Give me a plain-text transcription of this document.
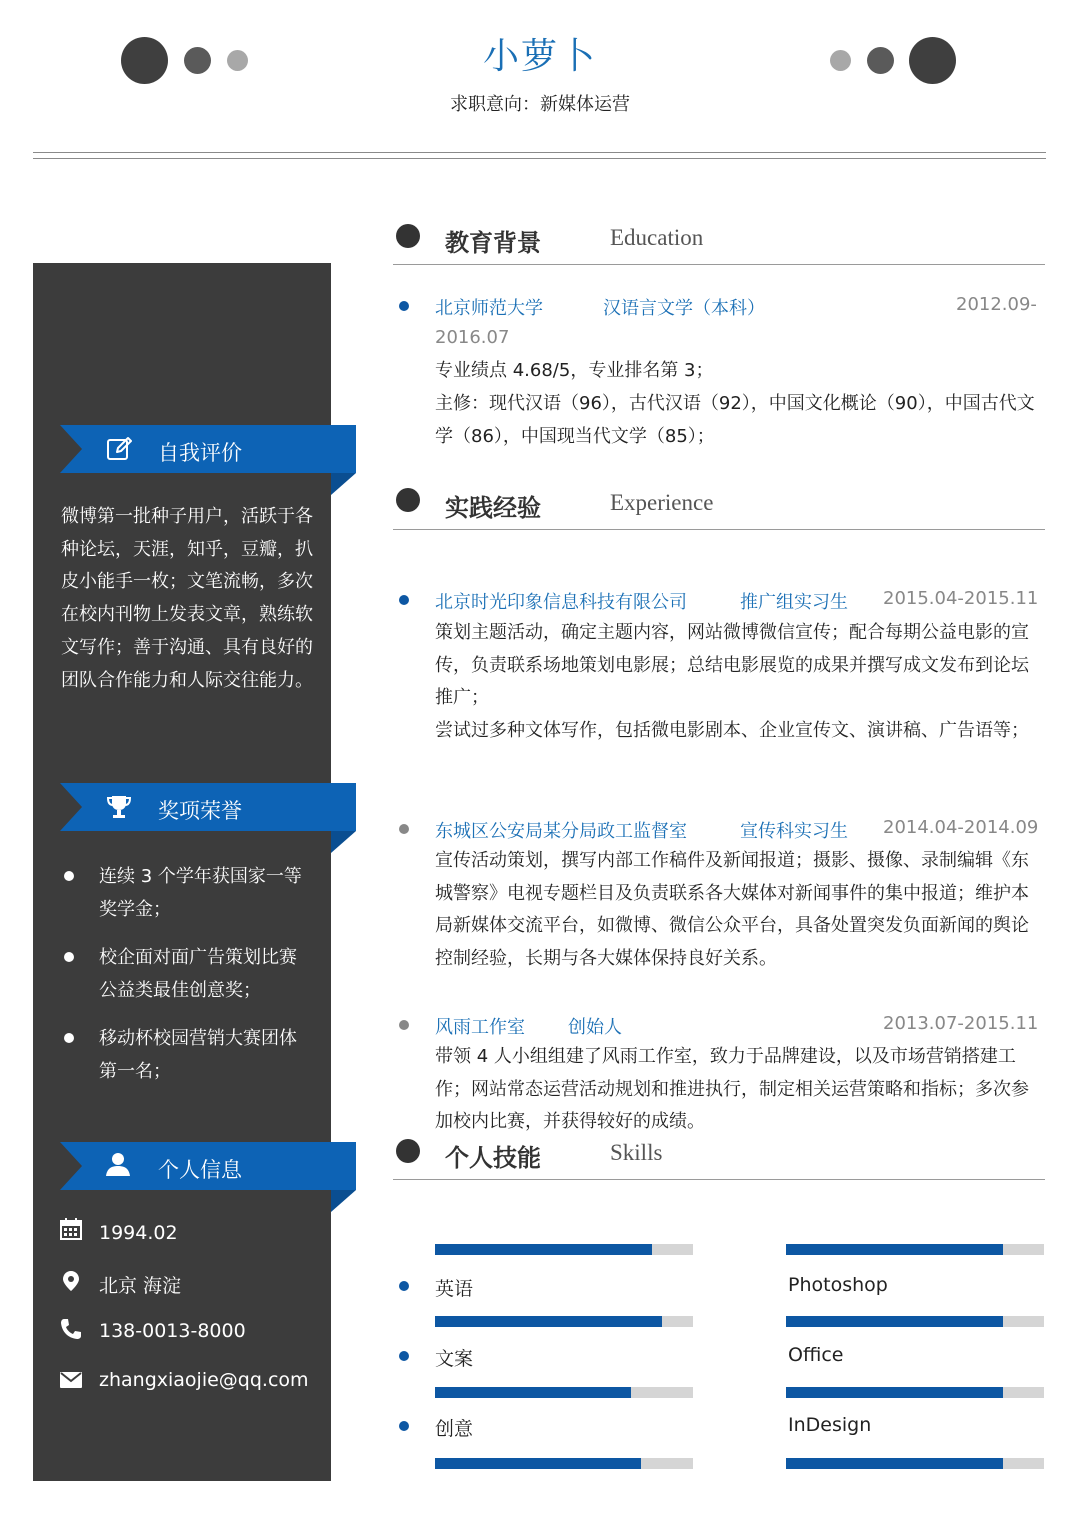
小萝卜
求职意向：新媒体运营
自我评价
微博第一批种子用户，活跃于各种论坛，天涯，知乎，豆瓣，扒皮小能手一枚；文笔流畅，多次在校内刊物上发表文章，熟练软文写作；善于沟通、具有良好的团队合作能力和人际交往能力。
奖项荣誉
连续 3 个学年获国家一等奖学金；
校企面对面广告策划比赛公益类最佳创意奖；
移动杯校园营销大赛团体第一名；
个人信息
1994.02
北京 海淀
138-0013-8000
zhangxiaojie@qq.com
教育背景	Education
北京师范大学	汉语言文学（本科）	2012.09-
2016.07
专业绩点 4.68/5，专业排名第 3；
主修：现代汉语（96），古代汉语（92），中国文化概论（90），中国古代文学（86），中国现当代文学（85）；
实践经验	Experience
北京时光印象信息科技有限公司	推广组实习生 2015.04-2015.11
策划主题活动，确定主题内容，网站微博微信宣传；配合每期公益电影的宣传，负责联系场地策划电影展；总结电影展览的成果并撰写成文发布到论坛推广；
尝试过多种文体写作，包括微电影剧本、企业宣传文、演讲稿、广告语等；
东城区公安局某分局政工监督室	宣传科实习生 2014.04-2014.09
宣传活动策划，撰写内部工作稿件及新闻报道；摄影、摄像、录制编辑《东城警察》电视专题栏目及负责联系各大媒体对新闻事件的集中报道；维护本局新媒体交流平台，如微博、微信公众平台，具备处置突发负面新闻的舆论控制经验，长期与各大媒体保持良好关系。
风雨工作室 创始人	2013.07-2015.11
带领 4 人小组组建了风雨工作室，致力于品牌建设，以及市场营销搭建工作；网站常态运营活动规划和推进执行，制定相关运营策略和指标；多次参加校内比赛，并获得较好的成绩。
个人技能	Skills
英语
文案
创意
Photoshop
Office
InDesign
